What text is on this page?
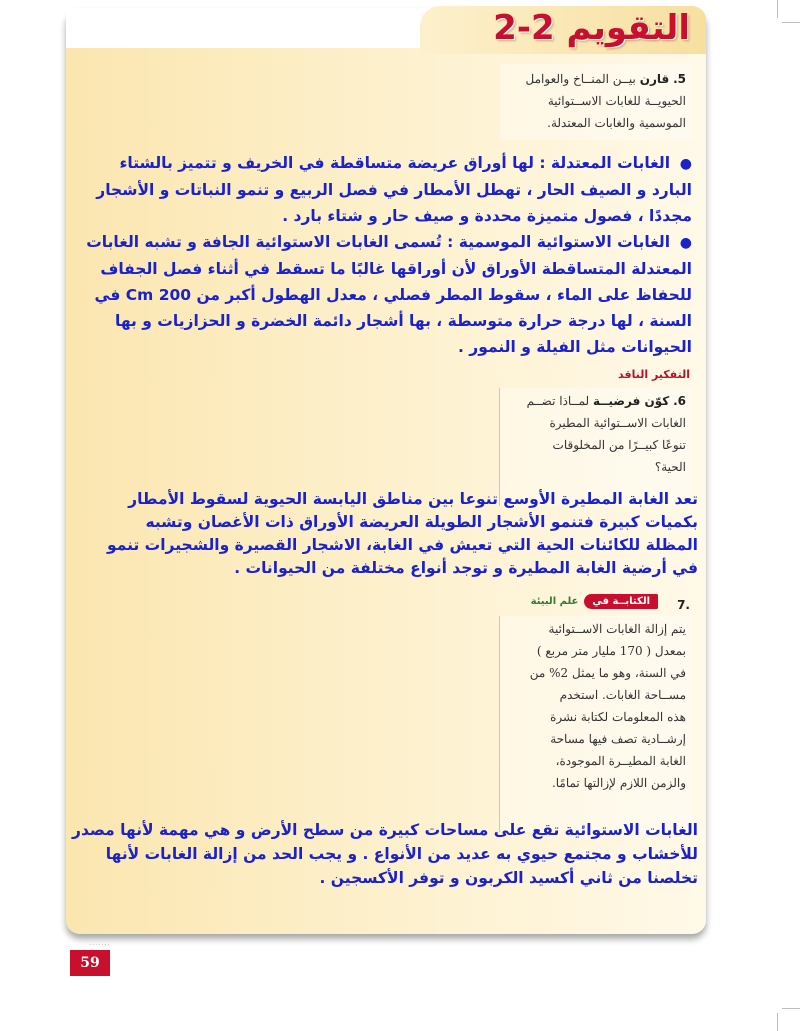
التقويم 2-2
5. قارن بيــن المنــاخ والعوامل
الحيويــة للغابات الاســتوائية
الموسمية والغابات المعتدلة.
●  الغابات المعتدلة : لها أوراق عريضة متساقطة في الخريف و تتميز بالشتاء
البارد و الصيف الحار ، تهطل الأمطار في فصل الربيع و تنمو النباتات و الأشجار
مجددًا ، فصول متميزة محددة و صيف حار و شتاء بارد .
●  الغابات الاستوائية الموسمية : تُسمى الغابات الاستوائية الجافة و تشبه الغابات
المعتدلة المتساقطة الأوراق لأن أوراقها غالبًا ما تسقط في أثناء فصل الجفاف
للحفاظ على الماء ، سقوط المطر فصلي ، معدل الهطول أكبر من 200 Cm في
السنة ، لها درجة حرارة متوسطة ، بها أشجار دائمة الخضرة و الحزازيات و بها
الحيوانات مثل الفيلة و النمور .
التفكير الناقد
6. كوّن فرضيــة لمــاذا تضــم
الغابات الاســتوائية المطيرة
تنوعًا كبيــرًا من المخلوقات
الحية؟
تعد الغابة المطيرة الأوسع تنوعا بين مناطق اليابسة الحيوية لسقوط الأمطار
بكميات كبيرة فتنمو الأشجار الطويلة العريضة الأوراق ذات الأغصان وتشبه
المظلة للكائنات الحية التي تعيش في الغابة، الاشجار القصيرة والشجيرات تنمو
في أرضية الغابة المطيرة و توجد أنواع مختلفة من الحيوانات .
7.
الكتابــة في
علم البيئة
يتم إزالة الغابات الاســتوائية
بمعدل ( 170 مليار متر مربع )
في السنة، وهو ما يمثل 2% من
مســاحة الغابات. استخدم
هذه المعلومات لكتابة نشرة
إرشــادية تصف فيها مساحة
الغابة المطيــرة الموجودة،
والزمن اللازم لإزالتها تمامًا.
الغابات الاستوائية تقع على مساحات كبيرة من سطح الأرض و هي مهمة لأنها مصدر
للأخشاب و مجتمع حيوي به عديد من الأنواع . و يجب الحد من إزالة الغابات لأنها
تخلصنا من ثاني أكسيد الكربون و توفر الأكسجين .
·······
59
